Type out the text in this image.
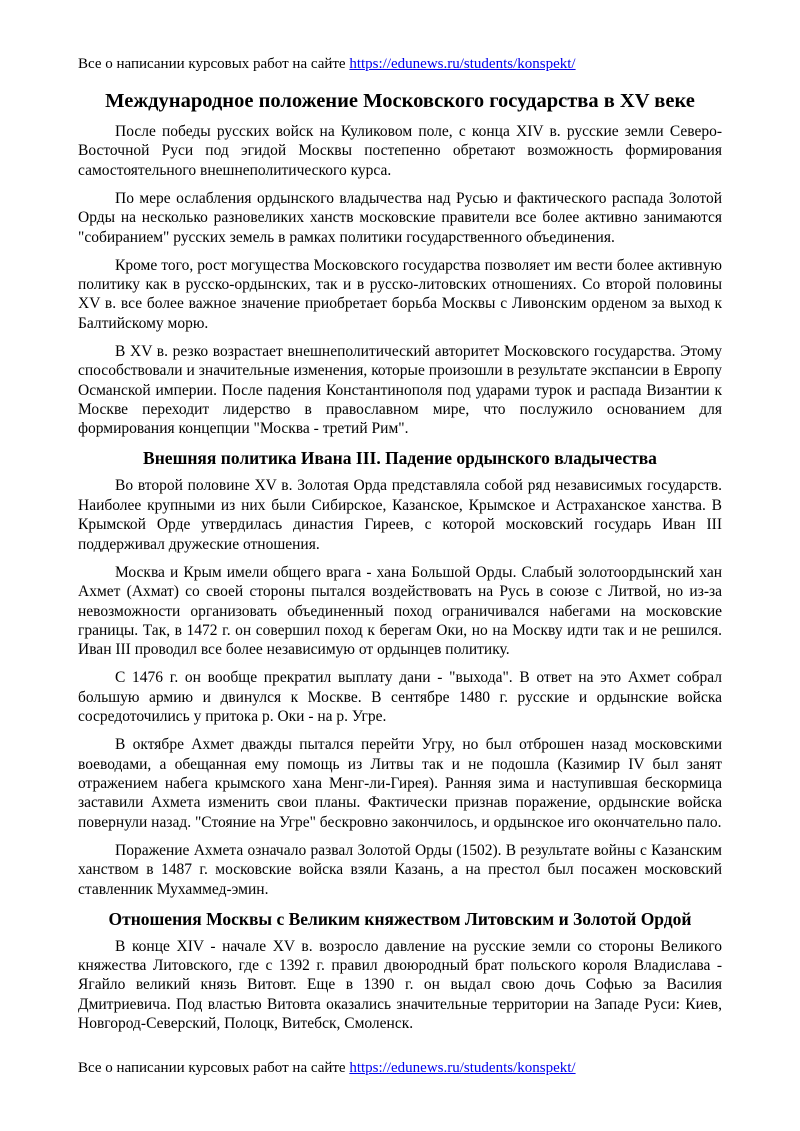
Все о написании курсовых работ на сайте https://edunews.ru/students/konspekt/
Международное положение Московского государства в XV веке

После победы русских войск на Куликовом поле, с конца XIV в. русские земли Северо-Восточной Руси под эгидой Москвы постепенно обретают возможность формирования самостоятельного внешнеполитического курса.

По мере ослабления ордынского владычества над Русью и фактического распада Золотой Орды на несколько разновеликих ханств московские правители все более активно занимаются "собиранием" русских земель в рамках политики государственного объединения.

Кроме того, рост могущества Московского государства позволяет им вести более активную политику как в русско-ордынских, так и в русско-литовских отношениях. Со второй половины XV в. все более важное значение приобретает борьба Москвы с Ливонским орденом за выход к Балтийскому морю.

В XV в. резко возрастает внешнеполитический авторитет Московского государства. Этому способствовали и значительные изменения, которые произошли в результате экспансии в Европу Османской империи. После падения Константинополя под ударами турок и распада Византии к Москве переходит лидерство в православном мире, что послужило основанием для формирования концепции "Москва - третий Рим".

Внешняя политика Ивана III. Падение ордынского владычества

Во второй половине XV в. Золотая Орда представляла собой ряд независимых государств. Наиболее крупными из них были Сибирское, Казанское, Крымское и Астраханское ханства. В Крымской Орде утвердилась династия Гиреев, с которой московский государь Иван III поддерживал дружеские отношения.

Москва и Крым имели общего врага - хана Большой Орды. Слабый золотоордынский хан Ахмет (Ахмат) со своей стороны пытался воздействовать на Русь в союзе с Литвой, но из-за невозможности организовать объединенный поход ограничивался набегами на московские границы. Так, в 1472 г. он совершил поход к берегам Оки, но на Москву идти так и не решился. Иван III проводил все более независимую от ордынцев политику.

С 1476 г. он вообще прекратил выплату дани - "выхода". В ответ на это Ахмет собрал большую армию и двинулся к Москве. В сентябре 1480 г. русские и ордынские войска сосредоточились у притока р. Оки - на р. Угре.

В октябре Ахмет дважды пытался перейти Угру, но был отброшен назад московскими воеводами, а обещанная ему помощь из Литвы так и не подошла (Казимир IV был занят отражением набега крымского хана Менг-ли-Гирея). Ранняя зима и наступившая бескормица заставили Ахмета изменить свои планы. Фактически признав поражение, ордынские войска повернули назад. "Стояние на Угре" бескровно закончилось, и ордынское иго окончательно пало.

Поражение Ахмета означало развал Золотой Орды (1502). В результате войны с Казанским ханством в 1487 г. московские войска взяли Казань, а на престол был посажен московский ставленник Мухаммед-эмин.

Отношения Москвы с Великим княжеством Литовским и Золотой Ордой

В конце XIV - начале XV в. возросло давление на русские земли со стороны Великого княжества Литовского, где с 1392 г. правил двоюродный брат польского короля Владислава - Ягайло великий князь Витовт. Еще в 1390 г. он выдал свою дочь Софью за Василия Дмитриевича. Под властью Витовта оказались значительные территории на Западе Руси: Киев, Новгород-Северский, Полоцк, Витебск, Смоленск.

Все о написании курсовых работ на сайте https://edunews.ru/students/konspekt/
